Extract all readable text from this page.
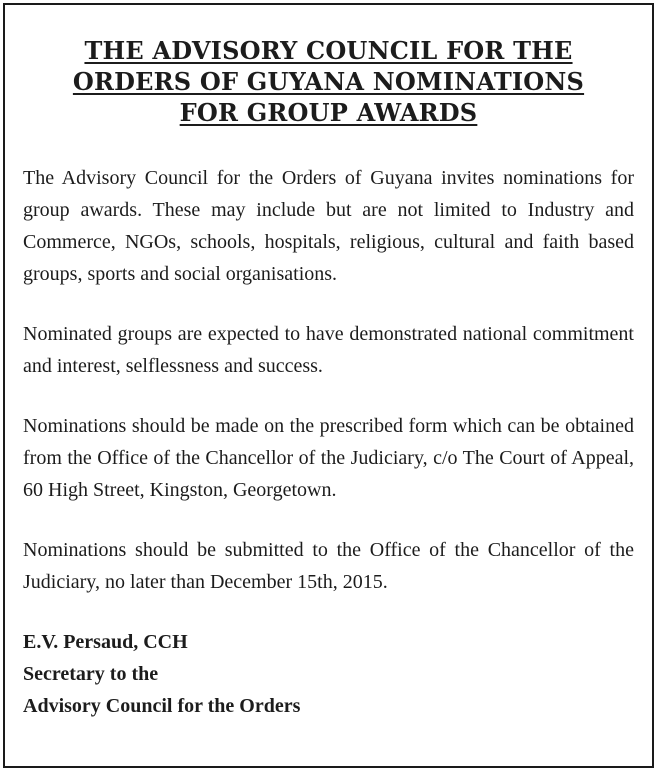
THE ADVISORY COUNCIL FOR THE
ORDERS OF GUYANA NOMINATIONS
FOR GROUP AWARDS

The Advisory Council for the Orders of Guyana invites nominations for group awards. These may include but are not limited to Industry and Commerce, NGOs, schools, hospitals, religious, cultural and faith based groups, sports and social organisations.

Nominated groups are expected to have demonstrated national commitment and interest, selflessness and success.

Nominations should be made on the prescribed form which can be obtained from the Office of the Chancellor of the Judiciary, c/o The Court of Appeal, 60 High Street, Kingston, Georgetown.

Nominations should be submitted to the Office of the Chancellor of the Judiciary, no later than December 15th, 2015.

E.V. Persaud, CCH
Secretary to the
Advisory Council for the Orders
